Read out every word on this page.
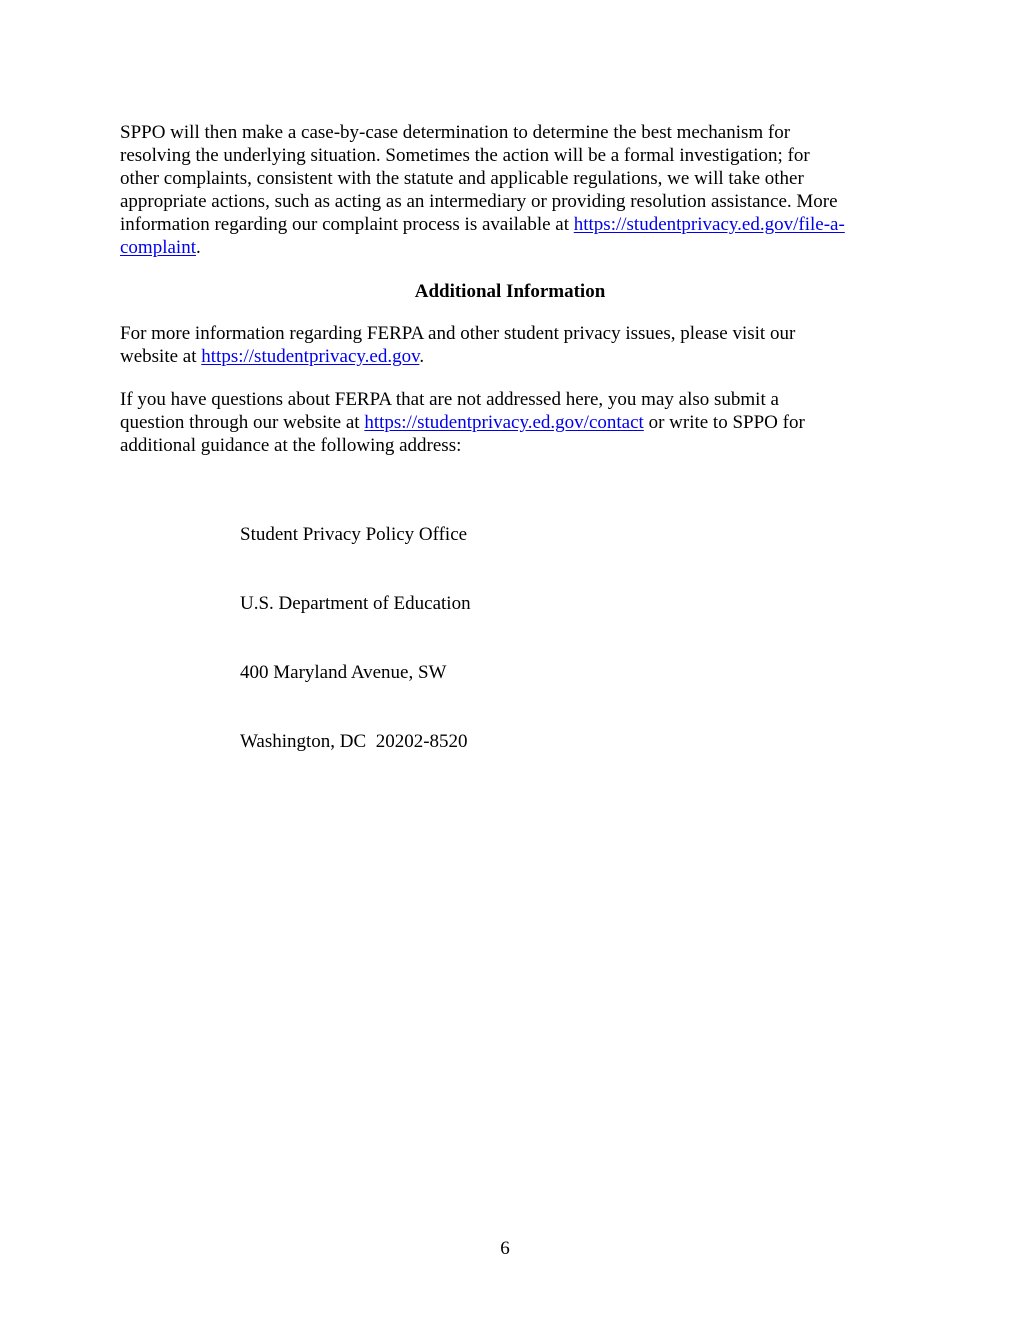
SPPO will then make a case-by-case determination to determine the best mechanism for
resolving the underlying situation. Sometimes the action will be a formal investigation; for
other complaints, consistent with the statute and applicable regulations, we will take other
appropriate actions, such as acting as an intermediary or providing resolution assistance. More
information regarding our complaint process is available at https://studentprivacy.ed.gov/file-a-
complaint.

Additional Information

For more information regarding FERPA and other student privacy issues, please visit our
website at https://studentprivacy.ed.gov.

If you have questions about FERPA that are not addressed here, you may also submit a
question through our website at https://studentprivacy.ed.gov/contact or write to SPPO for
additional guidance at the following address:

Student Privacy Policy Office

U.S. Department of Education

400 Maryland Avenue, SW

Washington, DC  20202-8520

6
